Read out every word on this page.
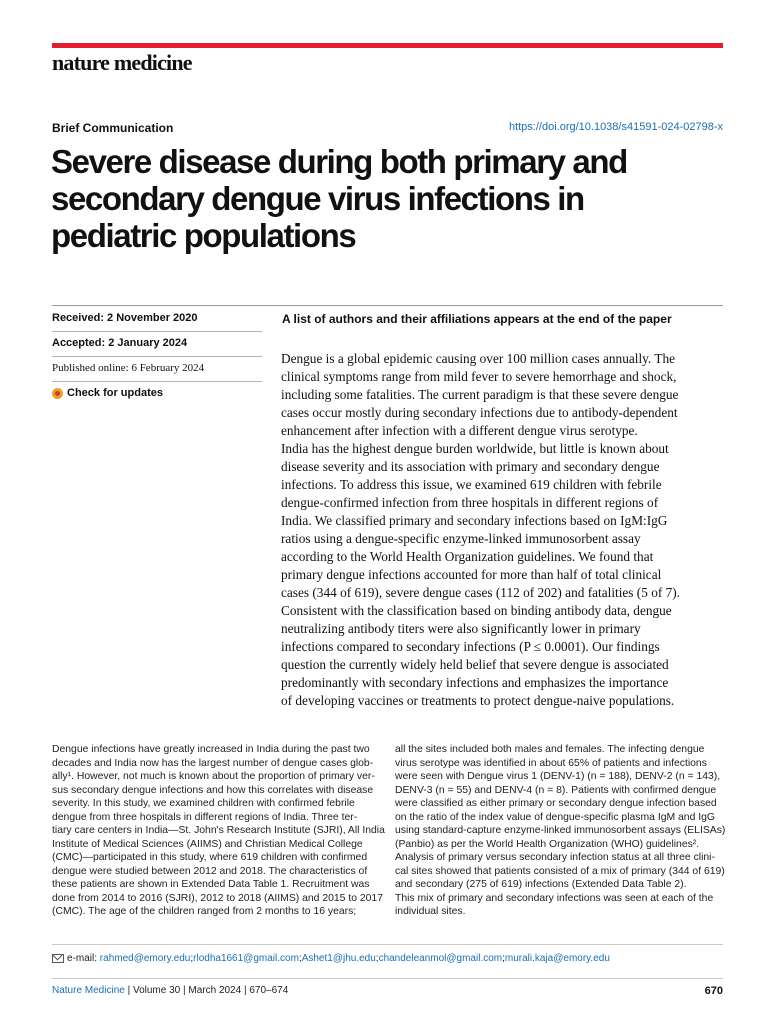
nature medicine
Brief Communication	https://doi.org/10.1038/s41591-024-02798-x
Severe disease during both primary and
secondary dengue virus infections in
pediatric populations
Received: 2 November 2020
Accepted: 2 January 2024
Published online: 6 February 2024
Check for updates
A list of authors and their affiliations appears at the end of the paper
Dengue is a global epidemic causing over 100 million cases annually. The
clinical symptoms range from mild fever to severe hemorrhage and shock,
including some fatalities. The current paradigm is that these severe dengue
cases occur mostly during secondary infections due to antibody-dependent
enhancement after infection with a different dengue virus serotype.
India has the highest dengue burden worldwide, but little is known about
disease severity and its association with primary and secondary dengue
infections. To address this issue, we examined 619 children with febrile
dengue-confirmed infection from three hospitals in different regions of
India. We classified primary and secondary infections based on IgM:IgG
ratios using a dengue-specific enzyme-linked immunosorbent assay
according to the World Health Organization guidelines. We found that
primary dengue infections accounted for more than half of total clinical
cases (344 of 619), severe dengue cases (112 of 202) and fatalities (5 of 7).
Consistent with the classification based on binding antibody data, dengue
neutralizing antibody titers were also significantly lower in primary
infections compared to secondary infections (P ≤ 0.0001). Our findings
question the currently widely held belief that severe dengue is associated
predominantly with secondary infections and emphasizes the importance
of developing vaccines or treatments to protect dengue-naive populations.
Dengue infections have greatly increased in India during the past two
decades and India now has the largest number of dengue cases glob-
ally¹. However, not much is known about the proportion of primary ver-
sus secondary dengue infections and how this correlates with disease
severity. In this study, we examined children with confirmed febrile
dengue from three hospitals in different regions of India. Three ter-
tiary care centers in India—St. John's Research Institute (SJRI), All India
Institute of Medical Sciences (AIIMS) and Christian Medical College
(CMC)—participated in this study, where 619 children with confirmed
dengue were studied between 2012 and 2018. The characteristics of
these patients are shown in Extended Data Table 1. Recruitment was
done from 2014 to 2016 (SJRI), 2012 to 2018 (AIIMS) and 2015 to 2017
(CMC). The age of the children ranged from 2 months to 16 years;
all the sites included both males and females. The infecting dengue
virus serotype was identified in about 65% of patients and infections
were seen with Dengue virus 1 (DENV-1) (n = 188), DENV-2 (n = 143),
DENV-3 (n = 55) and DENV-4 (n = 8). Patients with confirmed dengue
were classified as either primary or secondary dengue infection based
on the ratio of the index value of dengue-specific plasma IgM and IgG
using standard-capture enzyme-linked immunosorbent assays (ELISAs)
(Panbio) as per the World Health Organization (WHO) guidelines².
Analysis of primary versus secondary infection status at all three clini-
cal sites showed that patients consisted of a mix of primary (344 of 619)
and secondary (275 of 619) infections (Extended Data Table 2).
This mix of primary and secondary infections was seen at each of the
individual sites.
e-mail:
rahmed@emory.edu ; rlodha1661@gmail.com ; Ashet1@jhu.edu ; chandeleanmol@gmail.com ; murali.kaja@emory.edu
Nature Medicine | Volume 30 | March 2024 | 670–674	670
